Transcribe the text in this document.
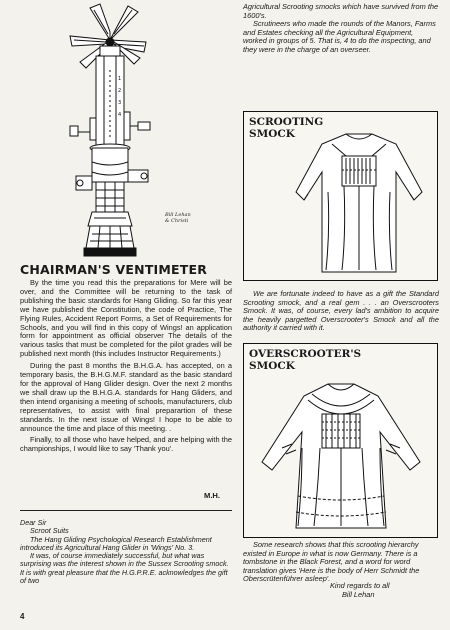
1
2
3
4
Bill Lehan
& Christi
CHAIRMAN'S VENTIMETER

By the time you read this the preparations for Mere will be over, and the Committee will be returning to the task of publishing the basic standards for Hang Gliding. So far this year we have published the Constitution, the code of Practice, The Flying Rules, Accident Report Forms, a Set of Requirements for Schools, and you will find in this copy of Wings! an application form for appointment as official observer The details of the various tasks that must be completed for the pilot grades will be published next month (this includes Instructor Requirements.)

During the past 8 months the B.H.G.A. has accepted, on a temporary basis, the B.H.G.M.F. standard as the basic standard for the approval of Hang Glider design. Over the next 2 months we shall draw up the B.H.G.A. standards for Hang Gliders, and then intend organising a meeting of schools, manufacturers, club representatives, to assist with final preparartion of these standards. In the next issue of Wings! I hope to be able to announce the time and place of this meeting. .

Finally, to all those who have helped, and are helping with the championships, I would like to say 'Thank you'.

M.H.

Dear Sir

Scroot Suits

The Hang Gliding Psychological Research Establishment introduced its Agricultural Hang Glider in 'Wings' No. 3.

It was, of course immediately successful, but what was surprising was the interest shown in the Sussex Scrooting smock. It is with great pleasure that the H.G.P.R.E. acknowledges the gift of two

4

Agricultural Scrooting smocks which have survived from the 1600's.

Scrutineers who made the rounds of the Manors, Farms and Estates checking all the Agricultural Equipment, worked in groups of 5. That is, 4 to do the inspecting, and they were in the charge of an overseer.

SCROOTING
SMOCK

We are fortunate indeed to have as a gift the Standard Scrooting smock, and a real gem . . . an Overscrooters Smock. It was, of course, every lad's ambition to acquire the heavily pargetted Overscrooter's Smock and all the authority it carried with it.

OVERSCROOTER'S
SMOCK

Some research shows that this scrooting hierarchy existed in Europe in what is now Germany. There is a tombstone in the Black Forest, and a word for word translation gives 'Here is the body of Herr Schmidt the Oberscrütenführer asleep'.

Kind regards to all
Bill Lehan
